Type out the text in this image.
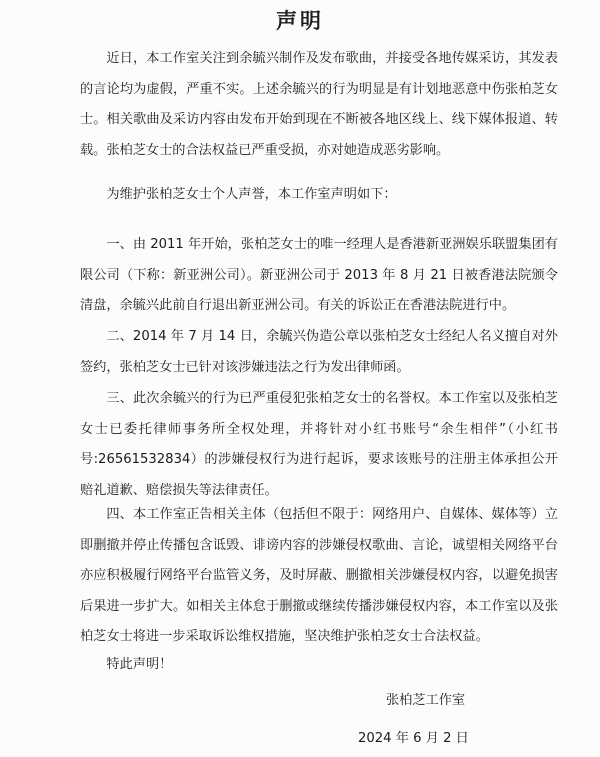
声明

近日，本工作室关注到余毓兴制作及发布歌曲，并接受各地传媒采访，其发表的言论均为虚假，严重不实。上述余毓兴的行为明显是有计划地恶意中伤张柏芝女士。相关歌曲及采访内容由发布开始到现在不断被各地区线上、线下媒体报道、转载。张柏芝女士的合法权益已严重受损，亦对她造成恶劣影响。

为维护张柏芝女士个人声誉，本工作室声明如下：

一、由 2011 年开始，张柏芝女士的唯一经理人是香港新亚洲娱乐联盟集团有限公司（下称：新亚洲公司）。新亚洲公司于 2013 年 8 月 21 日被香港法院颁令清盘，余毓兴此前自行退出新亚洲公司。有关的诉讼正在香港法院进行中。

二、2014 年 7 月 14 日，余毓兴伪造公章以张柏芝女士经纪人名义擅自对外签约，张柏芝女士已针对该涉嫌违法之行为发出律师函。

三、此次余毓兴的行为已严重侵犯张柏芝女士的名誉权。本工作室以及张柏芝女士已委托律师事务所全权处理，并将针对小红书账号“余生相伴”（小红书号:26561532834）的涉嫌侵权行为进行起诉，要求该账号的注册主体承担公开赔礼道歉、赔偿损失等法律责任。

四、本工作室正告相关主体（包括但不限于：网络用户、自媒体、媒体等）立即删撤并停止传播包含诋毁、诽谤内容的涉嫌侵权歌曲、言论，诚望相关网络平台亦应积极履行网络平台监管义务，及时屏蔽、删撤相关涉嫌侵权内容，以避免损害后果进一步扩大。如相关主体怠于删撤或继续传播涉嫌侵权内容，本工作室以及张柏芝女士将进一步采取诉讼维权措施，坚决维护张柏芝女士合法权益。

特此声明！

张柏芝工作室
2024 年 6 月 2 日
